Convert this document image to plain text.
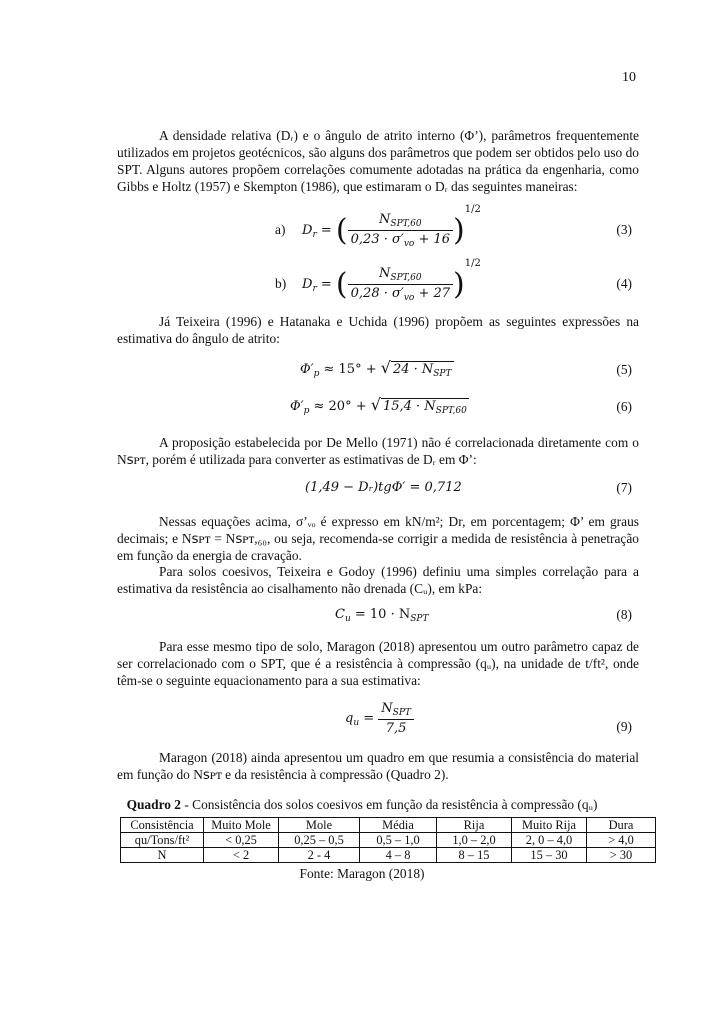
10

A densidade relativa (Dᵣ) e o ângulo de atrito interno (Φ’), parâmetros frequentemente utilizados em projetos geotécnicos, são alguns dos parâmetros que podem ser obtidos pelo uso do SPT. Alguns autores propõem correlações comumente adotadas na prática da engenharia, como Gibbs e Holtz (1957) e Skempton (1986), que estimaram o Dᵣ das seguintes maneiras:

a) $D_r$ = ( $\frac{N_{SPT,60}}{0,23 \cdot \sigma'_{vo} + 16} )^{1/2}$
(3)
b) $D_r$ = ( $\frac{N_{SPT,60}}{0,28 \cdot \sigma'_{vo} + 27} )^{1/2}$
(4)

Já Teixeira (1996) e Hatanaka e Uchida (1996) propõem as seguintes expressões na estimativa do ângulo de atrito:

$\Phi'_p \approx 15^\circ$ + √ $24 \cdot N_{SPT}$	(5)
$\Phi'_p \approx 20^\circ$ + √ $15,4 \cdot N_{SPT,60}$	(6)

A proposição estabelecida por De Mello (1971) não é correlacionada diretamente com o Nꜱᴘᴛ, porém é utilizada para converter as estimativas de Dᵣ em Φ’:

(1,49 − Dᵣ)tgΦ′ = 0,712	(7)

Nessas equações acima, σ’ᵥₒ é expresso em kN/m²; Dr, em porcentagem; Φ’ em graus decimais; e Nꜱᴘᴛ = Nꜱᴘᴛ,₆₀, ou seja, recomenda-se corrigir a medida de resistência à penetração em função da energia de cravação.

Para solos coesivos, Teixeira e Godoy (1996) definiu uma simples correlação para a estimativa da resistência ao cisalhamento não drenada (Cᵤ), em kPa:

$C_u = 10 \cdot N_{SPT}$	(8)

Para esse mesmo tipo de solo, Maragon (2018) apresentou um outro parâmetro capaz de ser correlacionado com o SPT, que é a resistência à compressão (qᵤ), na unidade de t/ft², onde têm-se o seguinte equacionamento para a sua estimativa:

$q_u = \frac{N_{SPT}}{7,5}$	(9)

Maragon (2018) ainda apresentou um quadro em que resumia a consistência do material em função do Nꜱᴘᴛ e da resistência à compressão (Quadro 2).

Quadro 2 - Consistência dos solos coesivos em função da resistência à compressão (qᵤ)
Consistência	Muito Mole	Mole	Média	Rija	Muito Rija	Dura
qu/Tons/ft²	< 0,25	0,25 – 0,5	0,5 – 1,0	1,0 – 2,0	2, 0 – 4,0	> 4,0
N	< 2	2 - 4	4 – 8	8 – 15	15 – 30	> 30
Fonte: Maragon (2018)
